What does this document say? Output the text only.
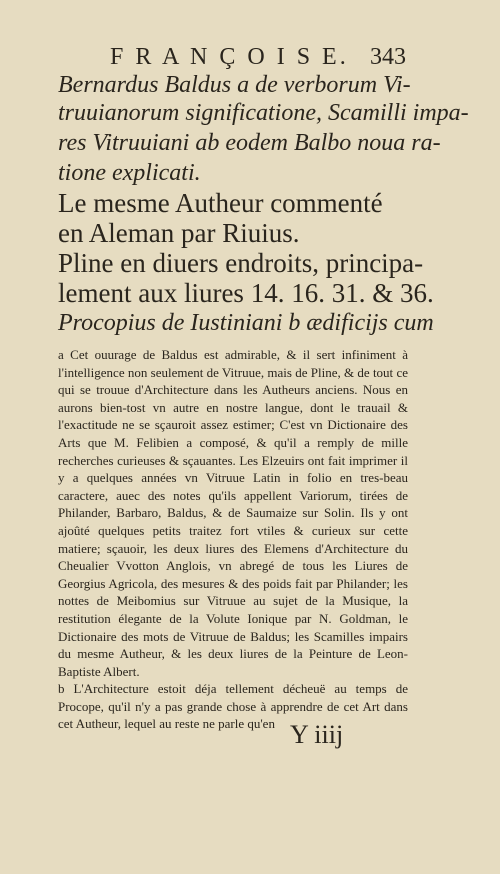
F R A N Ç O I S E. 343
Bernardus Baldus a de verborum Vi-
truuianorum significatione, Scamilli impa-
res Vitruuiani ab eodem Balbo noua ra-
tione explicati.
Le mesme Autheur commenté
en Aleman par Riuius.
Pline en diuers endroits, principa-
lement aux liures 14. 16. 31. & 36.
Procopius de Iustiniani b ædificijs cum

a Cet ouurage de Baldus est admirable, & il sert infiniment à l'intelligence non seulement de Vitruue, mais de Pline, & de tout ce qui se trouue d'Architecture dans les Autheurs anciens. Nous en aurons bien-tost vn autre en nostre langue, dont le trauail & l'exactitude ne se sçauroit assez estimer; C'est vn Dictionaire des Arts que M. Felibien a composé, & qu'il a remply de mille recherches curieuses & sçauantes. Les Elzeuirs ont fait imprimer il y a quelques années vn Vitruue Latin in folio en tres-beau caractere, auec des notes qu'ils appellent Variorum, tirées de Philander, Barbaro, Baldus, & de Saumaize sur Solin. Ils y ont ajoûté quelques petits traitez fort vtiles & curieux sur cette matiere; sçauoir, les deux liures des Elemens d'Architecture du Cheualier Vvotton Anglois, vn abregé de tous les Liures de Georgius Agricola, des mesures & des poids fait par Philander; les nottes de Meibomius sur Vitruue au sujet de la Musique, la restitution élegante de la Volute Ionique par N. Goldman, le Dictionaire des mots de Vitruue de Baldus; les Scamilles impairs du mesme Autheur, & les deux liures de la Peinture de Leon-Baptiste Albert.

b L'Architecture estoit déja tellement décheuë au temps de Procope, qu'il n'y a pas grande chose à apprendre de cet Art dans cet Autheur, lequel au reste ne parle qu'en Y iiij
